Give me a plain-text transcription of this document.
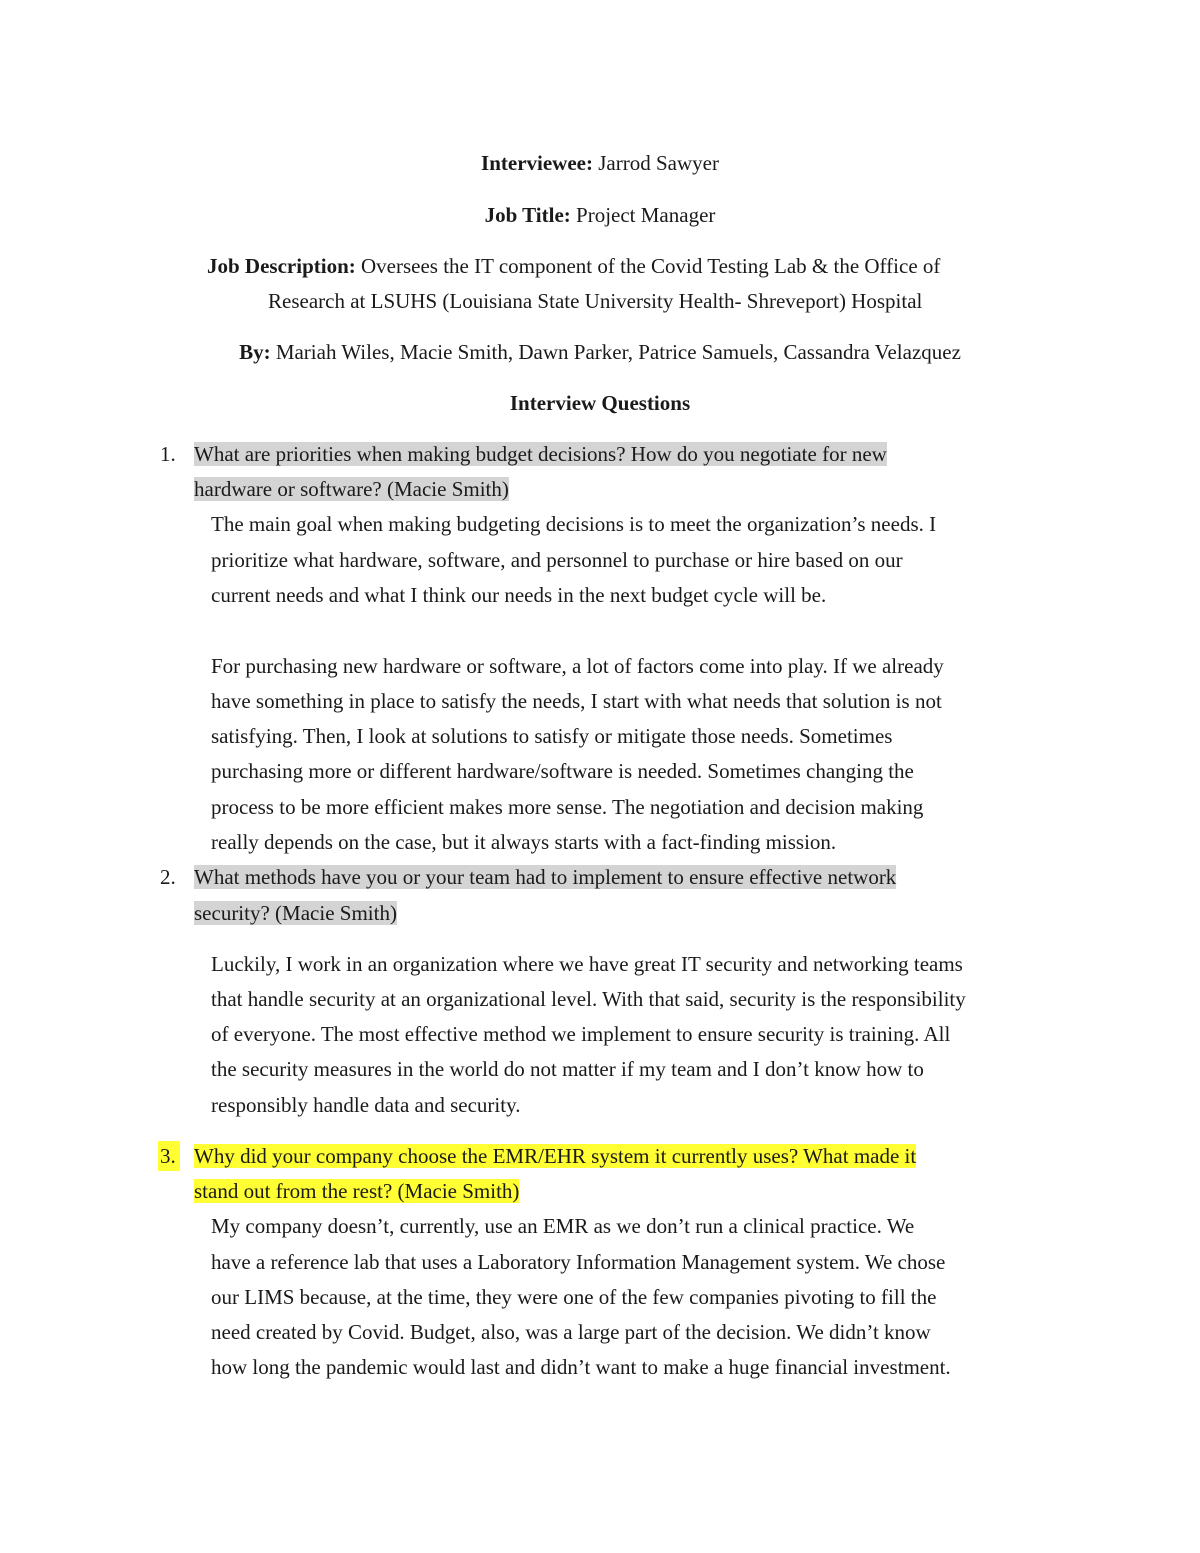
Interviewee: Jarrod Sawyer
Job Title: Project Manager
Job Description: Oversees the IT component of the Covid Testing Lab & the Office of
Research at LSUHS (Louisiana State University Health- Shreveport) Hospital
By: Mariah Wiles, Macie Smith, Dawn Parker, Patrice Samuels, Cassandra Velazquez
Interview Questions
1. What are priorities when making budget decisions? How do you negotiate for new
hardware or software? (Macie Smith)
The main goal when making budgeting decisions is to meet the organization’s needs. I
prioritize what hardware, software, and personnel to purchase or hire based on our
current needs and what I think our needs in the next budget cycle will be.
For purchasing new hardware or software, a lot of factors come into play. If we already
have something in place to satisfy the needs, I start with what needs that solution is not
satisfying. Then, I look at solutions to satisfy or mitigate those needs. Sometimes
purchasing more or different hardware/software is needed. Sometimes changing the
process to be more efficient makes more sense. The negotiation and decision making
really depends on the case, but it always starts with a fact-finding mission.
2. What methods have you or your team had to implement to ensure effective network
security? (Macie Smith)
Luckily, I work in an organization where we have great IT security and networking teams
that handle security at an organizational level. With that said, security is the responsibility
of everyone. The most effective method we implement to ensure security is training. All
the security measures in the world do not matter if my team and I don’t know how to
responsibly handle data and security.
3. Why did your company choose the EMR/EHR system it currently uses? What made it
stand out from the rest? (Macie Smith)
My company doesn’t, currently, use an EMR as we don’t run a clinical practice. We
have a reference lab that uses a Laboratory Information Management system. We chose
our LIMS because, at the time, they were one of the few companies pivoting to fill the
need created by Covid. Budget, also, was a large part of the decision. We didn’t know
how long the pandemic would last and didn’t want to make a huge financial investment.
